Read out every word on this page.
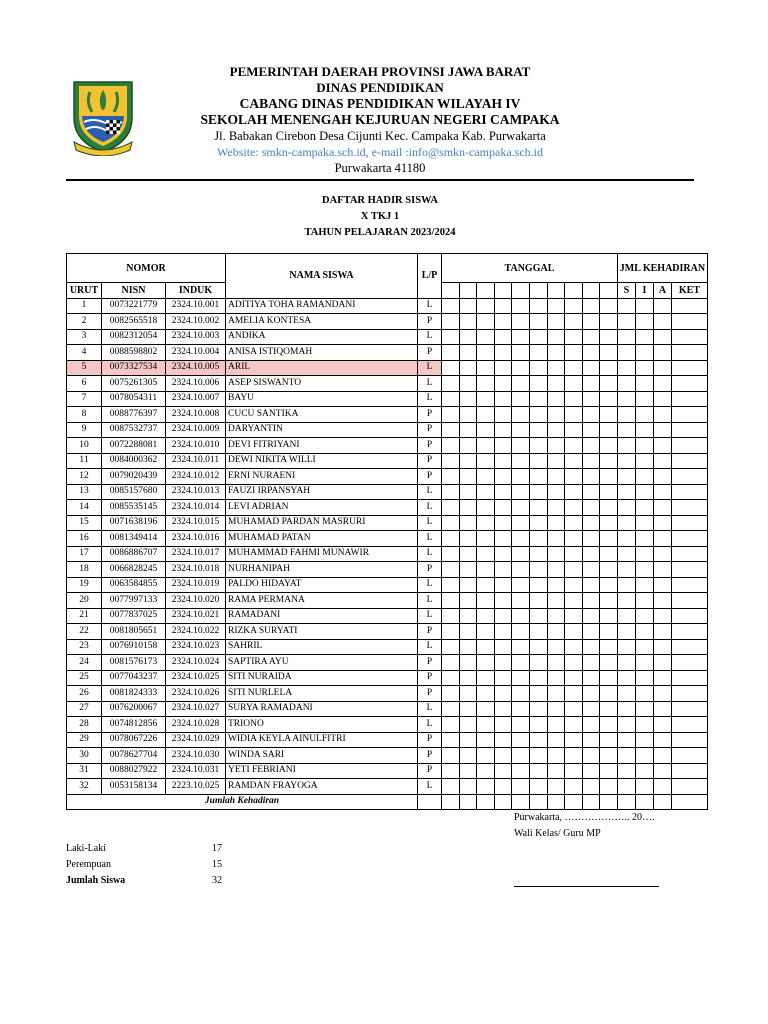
PEMERINTAH DAERAH PROVINSI JAWA BARAT
DINAS PENDIDIKAN
CABANG DINAS PENDIDIKAN WILAYAH IV
SEKOLAH MENENGAH KEJURUAN NEGERI CAMPAKA
Jl. Babakan Cirebon Desa Cijunti Kec. Campaka Kab. Purwakarta
Website: smkn-campaka.sch.id, e-mail :info@smkn-campaka.sch.id
Purwakarta 41180
DAFTAR HADIR SISWA
X TKJ 1
TAHUN PELAJARAN 2023/2024
NOMOR			NAMA SISWA	L/P	TANGGAL										JML KEHADIRAN			
URUT	NISN	INDUK													S	I	A	KET
1	0073221779	2324.10.001	ADITIYA TOHA RAMANDANI	L														
2	0082565518	2324.10.002	AMELIA KONTESA	P														
3	0082312054	2324.10.003	ANDIKA	L														
4	0088598802	2324.10.004	ANISA ISTIQOMAH	P														
5	0073327534	2324.10.005	ARIL	L														
6	0075261305	2324.10.006	ASEP SISWANTO	L														
7	0078054311	2324.10.007	BAYU	L														
8	0088776397	2324.10.008	CUCU SANTIKA	P														
9	0087532737	2324.10.009	DARYANTIN	P														
10	0072288081	2324.10.010	DEVI FITRIYANI	P														
11	0084000362	2324.10.011	DEWI NIKITA WILLI	P														
12	0079020439	2324.10.012	ERNI NURAENI	P														
13	0085157680	2324.10.013	FAUZI IRPANSYAH	L														
14	0085535145	2324.10.014	LEVI ADRIAN	L														
15	0071638196	2324.10.015	MUHAMAD PARDAN MASRURI	L														
16	0081349414	2324.10.016	MUHAMAD PATAN	L														
17	0086886707	2324.10.017	MUHAMMAD FAHMI MUNAWIR	L														
18	0066828245	2324.10.018	NURHANIPAH	P														
19	0063584855	2324.10.019	PALDO HIDAYAT	L														
20	0077997133	2324.10.020	RAMA PERMANA	L														
21	0077837025	2324.10.021	RAMADANI	L														
22	0081805651	2324.10.022	RIZKA SURYATI	P														
23	0076910158	2324.10.023	SAHRIL	L														
24	0081576173	2324.10.024	SAPTIRA AYU	P														
25	0077043237	2324.10.025	SITI NURAIDA	P														
26	0081824333	2324.10.026	SITI NURLELA	P														
27	0076200067	2324.10.027	SURYA RAMADANI	L														
28	0074812856	2324.10.028	TRIONO	L														
29	0078067226	2324.10.029	WIDIA KEYLA AINULFITRI	P														
30	0078627704	2324.10.030	WINDA SARI	P														
31	0088027922	2324.10.031	YETI FEBRIANI	P														
32	0053158134	2223.10.025	RAMDAN FRAYOGA	L														
Jumlah Kehadiran																		
Purwakarta, ……………….. 20….
Wali Kelas/ Guru MP
Laki-Laki	17
Perempuan	15
Jumlah Siswa	32
